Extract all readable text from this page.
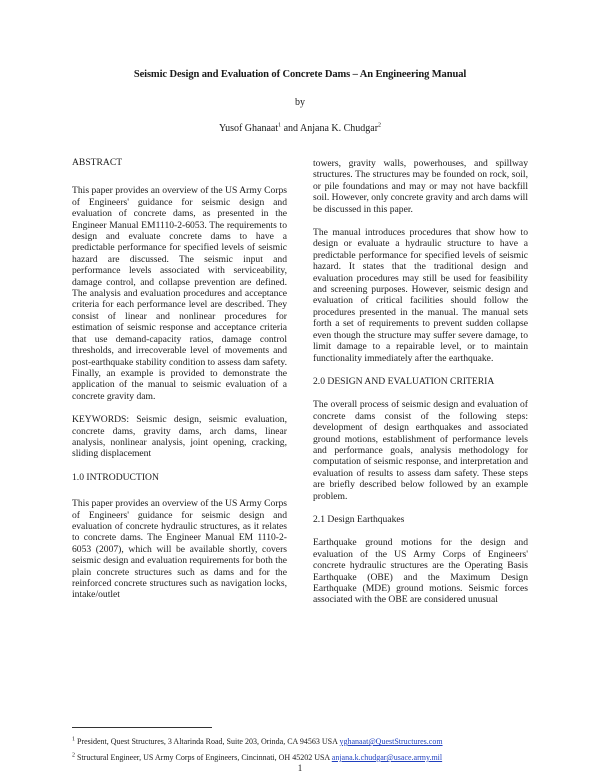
Seismic Design and Evaluation of Concrete Dams – An Engineering Manual
by
Yusof Ghanaat$^1$ and Anjana K. Chudgar$^2$
ABSTRACT

This paper provides an overview of the US Army Corps of Engineers' guidance for seismic design and evaluation of concrete dams, as presented in the Engineer Manual EM1110-2-6053. The requirements to design and evaluate concrete dams to have a predictable performance for specified levels of seismic hazard are discussed. The seismic input and performance levels associated with serviceability, damage control, and collapse prevention are defined. The analysis and evaluation procedures and acceptance criteria for each performance level are described. They consist of linear and nonlinear procedures for estimation of seismic response and acceptance criteria that use demand-capacity ratios, damage control thresholds, and irrecoverable level of movements and post-earthquake stability condition to assess dam safety. Finally, an example is provided to demonstrate the application of the manual to seismic evaluation of a concrete gravity dam.

KEYWORDS: Seismic design, seismic evaluation, concrete dams, gravity dams, arch dams, linear analysis, nonlinear analysis, joint opening, cracking, sliding displacement

1.0 INTRODUCTION

This paper provides an overview of the US Army Corps of Engineers' guidance for seismic design and evaluation of concrete hydraulic structures, as it relates to concrete dams. The Engineer Manual EM 1110-2-6053 (2007), which will be available shortly, covers seismic design and evaluation requirements for both the plain concrete structures such as dams and for the reinforced concrete structures such as navigation locks, intake/outlet

towers, gravity walls, powerhouses, and spillway structures. The structures may be founded on rock, soil, or pile foundations and may or may not have backfill soil. However, only concrete gravity and arch dams will be discussed in this paper.

The manual introduces procedures that show how to design or evaluate a hydraulic structure to have a predictable performance for specified levels of seismic hazard. It states that the traditional design and evaluation procedures may still be used for feasibility and screening purposes. However, seismic design and evaluation of critical facilities should follow the procedures presented in the manual. The manual sets forth a set of requirements to prevent sudden collapse even though the structure may suffer severe damage, to limit damage to a repairable level, or to maintain functionality immediately after the earthquake.

2.0 DESIGN AND EVALUATION CRITERIA

The overall process of seismic design and evaluation of concrete dams consist of the following steps: development of design earthquakes and associated ground motions, establishment of performance levels and performance goals, analysis methodology for computation of seismic response, and interpretation and evaluation of results to assess dam safety. These steps are briefly described below followed by an example problem.

2.1 Design Earthquakes

Earthquake ground motions for the design and evaluation of the US Army Corps of Engineers' concrete hydraulic structures are the Operating Basis Earthquake (OBE) and the Maximum Design Earthquake (MDE) ground motions. Seismic forces associated with the OBE are considered unusual

$^1$ President, Quest Structures, 3 Altarinda Road, Suite 203, Orinda, CA 94563 USA yghanaat@QuestStructures.com
$^2$ Structural Engineer, US Army Corps of Engineers, Cincinnati, OH 45202 USA anjana.k.chudgar@usace.army.mil
1
